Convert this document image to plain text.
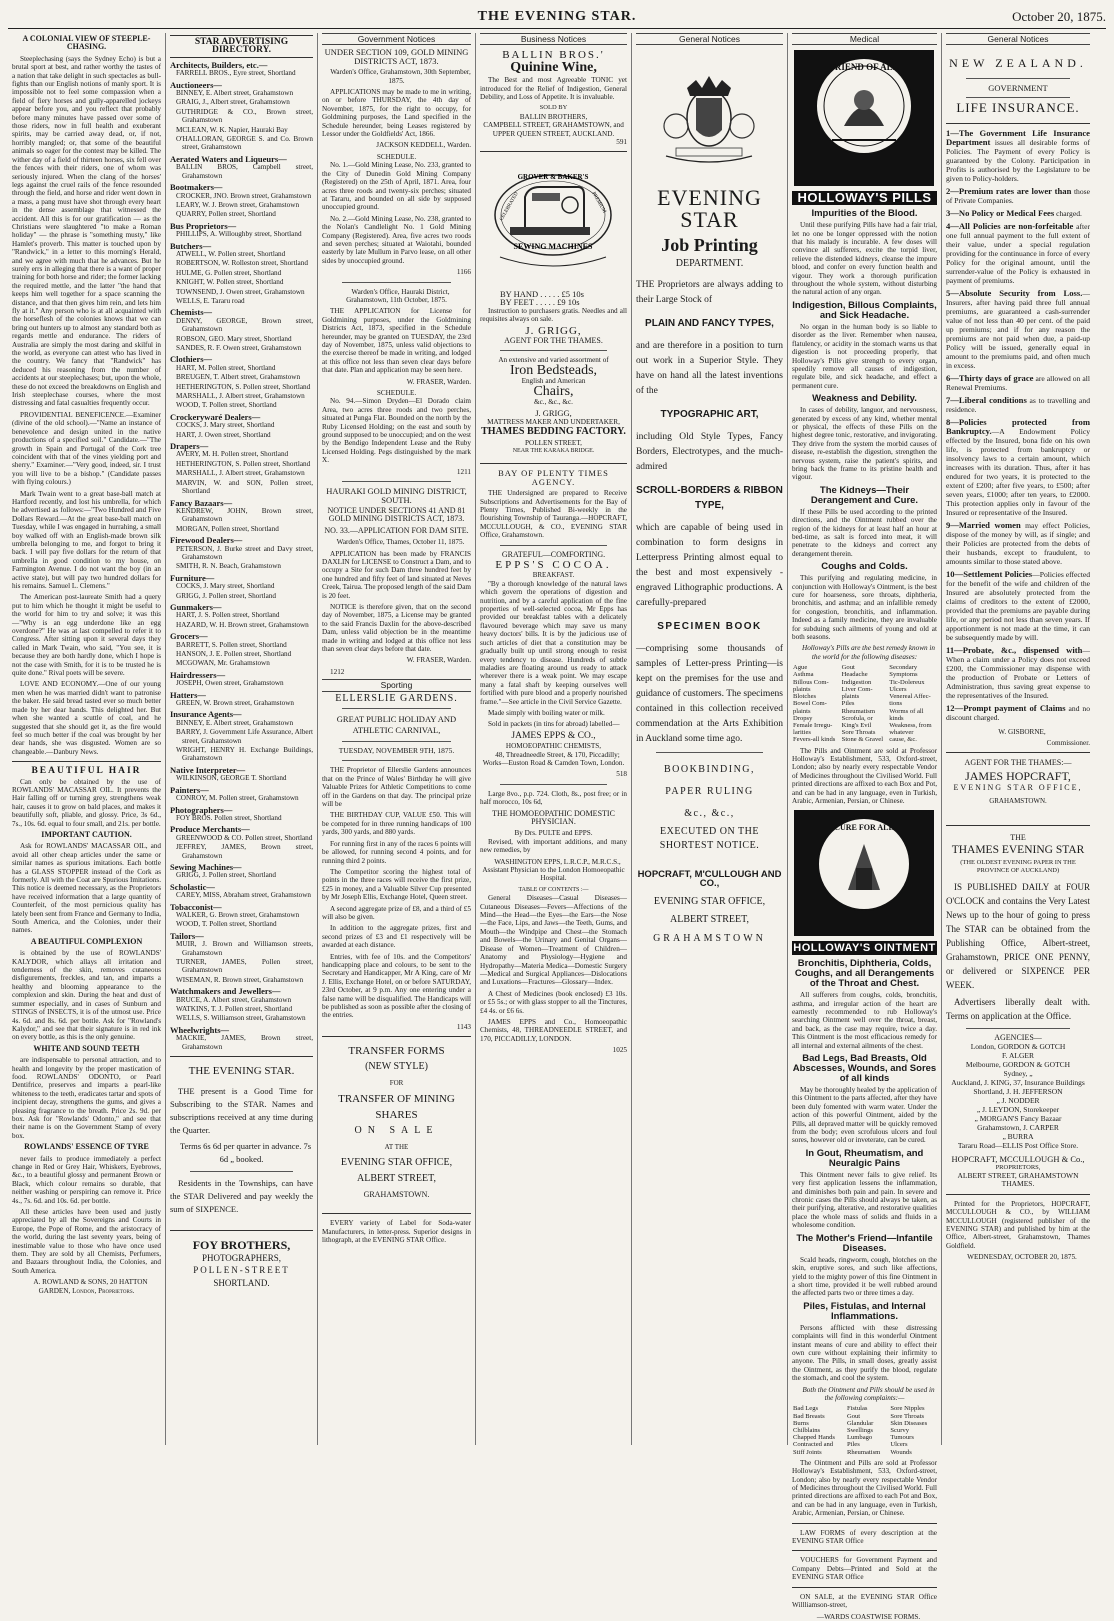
THE EVENING STAR.	October 20, 1875.
A COLONIAL VIEW OF STEEPLE-CHASING.

Steeplechasing (says the Sydney Echo) is but a brutal sport at best, and rather worthy the tastes of a nation that take delight in such spectacles as bull-fights than our English notions of manly sport. It is impossible not to feel some compassion when a field of fiery horses and gully-apparelled jockeys appear before you, and you reflect that probably before many minutes have passed over some of those riders, now in full health and exuberant spirits, may be carried away dead, or, if not, horribly mangled; or, that some of the beautiful animals so eager for the contest may be killed. The wither day of a field of thirteen horses, six fell over the fences with their riders, one of whom was seriously injured. When the clang of the horses' legs against the cruel rails of the fence resounded through the field, and horse and rider went down in a mass, a pang must have shot through every heart in the dense assemblage that witnessed the accident. All this is for our gratification — as the Christians were slaughtered "to make a Roman holiday" — the phrase is "something musty," like Hamlet's proverb. This matter is touched upon by "Randwick," in a letter to this morning's Herald, and we agree with much that he advances. But he surely errs in alleging that there is a want of proper training for both horse and rider; the former lacking the required mettle, and the latter "the hand that keeps him well together for a space scanning the distance, and that then gives him rein, and lets him fly at it." Any person who is at all acquainted with the horseflesh of the colonies knows that we can bring out hunters up to almost any standard both as regards mettle and endurance. The riders of Australia are simply the most daring and skilful in the world, as everyone can attest who has lived in the country. We fancy that "Randwick" has deduced his reasoning from the number of accidents at our steeplechases; but, upon the whole, these do not exceed the breakdowns on English and Irish steeplechase courses, where the most distressing and fatal casualties frequently occur.

PROVIDENTIAL BENEFICENCE.—Examiner (divine of the old school).—"Name an instance of benevolence and design united in the native productions of a specified soil." Candidate.—"The growth in Spain and Portugal of the Cork tree coincident with that of the vines yielding port and sherry." Examiner.—"Very good, indeed, sir. I trust you will live to be a bishop." (Candidate passes with flying colours.)

Mark Twain went to a great base-ball match at Hartford recently, and lost his umbrella, for which he advertised as follows:—"Two Hundred and Five Dollars Reward.—At the great base-ball match on Tuesday, while I was engaged in hurrahing, a small boy walked off with an English-made brown silk umbrella belonging to me, and forgot to bring it back. I will pay five dollars for the return of that umbrella in good condition to my house, on Farmington Avenue. I do not want the boy (in an active state), but will pay two hundred dollars for his remains. Samuel L. Clemens."

The American post-laureate Smith had a query put to him which he thought it might be useful to the world for him to try and solve; it was this—"Why is an egg underdone like an egg overdone?" He was at last compelled to refer it to Congress. After sitting upon it several days they called in Mark Twain, who said, "You see, it is because they are both hardly done, which I hope is not the case with Smith, for it is to be trusted he is quite done." Rival poets will be severe.

LOVE AND ECONOMY.—One of our young men when he was married didn't want to patronise the baker. He said bread tasted ever so much better made by her dear hands. This delighted her. But when she wanted a scuttle of coal, and he suggested that she should get it, as the fire would feel so much better if the coal was brought by her dear hands, she was disgusted. Women are so changeable.—Danbury News.

BEAUTIFUL HAIR

Can only be obtained by the use of ROWLANDS' MACASSAR OIL. It prevents the Hair falling off or turning grey, strengthens weak hair, causes it to grow on bald places, and makes it beautifully soft, pliable, and glossy. Price, 3s 6d., 7s., 10s. 6d. equal to four small, and 21s. per bottle.

IMPORTANT CAUTION.

Ask for ROWLANDS' MACASSAR OIL, and avoid all other cheap articles under the same or similar names as spurious imitations. Each bottle has a GLASS STOPPER instead of the Cork as formerly. All with the Coat are Spurious Imitations. This notice is deemed necessary, as the Proprietors have received information that a large quantity of Counterfeit, of the most pernicious quality has lately been sent from France and Germany to India, South America, and the Colonies, under their names.

A BEAUTIFUL COMPLEXION

is obtained by the use of ROWLANDS' KALYDOR, which allays all irritation and tenderness of the skin, removes cutaneous disfigurements, freckles, and tan, and imparts a healthy and blooming appearance to the complexion and skin. During the heat and dust of summer especially, and in cases of Sunburn and STINGS of INSECTS, it is of the utmost use. Price 4s. 6d. and 8s. 6d. per bottle. Ask for "Rowland's Kalydor," and see that their signature is in red ink on every bottle, as this is the only genuine.

WHITE AND SOUND TEETH

are indispensable to personal attraction, and to health and longevity by the proper mastication of food. ROWLANDS' ODONTO, or Pearl Dentifrice, preserves and imparts a pearl-like whiteness to the teeth, eradicates tartar and spots of incipient decay, strengthens the gums, and gives a pleasing fragrance to the breath. Price 2s. 9d. per box. Ask for "Rowlands' Odonto," and see that their name is on the Government Stamp of every box.

ROWLANDS' ESSENCE OF TYRE

never fails to produce immediately a perfect change in Red or Grey Hair, Whiskers, Eyebrows, &c., to a beautiful glossy and permanent Brown or Black, which colour remains so durable, that neither washing or perspiring can remove it. Price 4s., 7s. 6d. and 10s. 6d. per bottle.

All these articles have been used and justly appreciated by all the Sovereigns and Courts in Europe, the Pope of Rome, and the aristocracy of the world, during the last seventy years, being of inestimable value to those who have once used them. They are sold by all Chemists, Perfumers, and Bazaars throughout India, the Colonies, and South America.

A. ROWLAND & SONS, 20 HATTON GARDEN, London, Proprietors.

STAR ADVERTISING DIRECTORY.
Architects, Builders, etc.—
FARRELL BROS., Eyre street, Shortland
Auctioneers—
BINNEY, E. Albert street, Grahamstown
GRAIG, J., Albert street, Grahamstown
GUTHRIDGE & CO., Brown street, Grahamstown
MCLEAN, W. K. Napier, Hauraki Bay
O'HALLORAN, GEORGE S. and Co. Brown street, Grahamstown
Aerated Waters and Liqueurs—
BALLIN BROS, Campbell street, Grahamstown
Bootmakers—
CROCKER, JNO. Brown street, Grahamstown
LEARY, W. J. Brown street, Grahamstown
QUARRY, Pollen street, Shortland
Bus Proprietors—
PHILLIPS, A. Willoughby street, Shortland
Butchers—
ATWELL, W. Pollen street, Shortland
ROBERTSON, W. Rolleston street, Shortland
HULME, G. Pollen street, Shortland
KNIGHT, W. Pollen street, Shortland
TOWNSEND, J. Owen street, Grahamstown
WELLS, E. Tararu road
Chemists—
DENNY, GEORGE, Brown street, Grahamstown
ROBSON, GEO. Mary street, Shortland
SANDES, R. F. Owen street, Grahamstown
Clothiers—
HART, M. Pollen street, Shortland
BREUGEN, T. Albert street, Grahamstown
HETHERINGTON, S. Pollen street, Shortland
MARSHALL, J. Albert street, Grahamstown
WOOD, T. Pollen street, Shortland
Crockerywaré Dealers—
COCKS, J. Mary street, Shortland
HART, J. Owen street, Shortland
Drapers—
AVERY, M. H. Pollen street, Shortland
HETHERINGTON, S. Pollen street, Shortland
MARSHALL, J. Albert street, Grahamstown
MARVIN, W. and SON, Pollen street, Shortland
Fancy Bazaars—
KENDREW, JOHN, Brown street, Grahamstown
MORGAN, Pollen street, Shortland
Firewood Dealers—
PETERSON, J. Burke street and Davy street, Grahamstown
SMITH, R. N. Beach, Grahamstown
Furniture—
COCKS, J. Mary street, Shortland
GRIGG, J. Pollen street, Shortland
Gunmakers—
HART, J. S. Pollen street, Shortland
HAZARD, W. H. Brown street, Grahamstown
Grocers—
BARRETT, S. Pollen street, Shortland
HANSON, J. E. Pollen street, Shortland
MCGOWAN, Mr. Grahamstown
Hairdressers—
JOSEPH, Owen street, Grahamstown
Hatters—
GREEN, W. Brown street, Grahamstown
Insurance Agents—
BINNEY, E. Albert street, Grahamstown
BARRY, J. Government Life Assurance, Albert street, Grahamstown
WRIGHT, HENRY H. Exchange Buildings, Grahamstown
Native Interpreter—
WILKINSON, GEORGE T. Shortland
Painters—
CONROY, M. Pollen street, Grahamstown
Photographers—
FOY BROS. Pollen street, Shortland
Produce Merchants—
GREENWOOD & CO. Pollen street, Shortland
JEFFREY, JAMES, Brown street, Grahamstown
Sewing Machines—
GRIGG, J. Pollen street, Shortland
Scholastic—
CAREY, MISS, Abraham street, Grahamstown
Tobacconist—
WALKER, G. Brown street, Grahamstown
WOOD, T. Pollen street, Shortland
Tailors—
MUIR, J. Brown and Williamson streets, Grahamstown
TURNER, JAMES, Pollen street, Grahamstown
WISEMAN, R. Brown street, Grahamstown
Watchmakers and Jewellers—
BRUCE, A. Albert street, Grahamstown
WATKINS, T. J. Pollen street, Shortland
WELLS, S. Williamson street, Grahamstown
Wheelwrights—
MACKIE, JAMES, Brown street, Grahamstown
THE EVENING STAR.

THE present is a Good Time for Subscribing to the STAR. Names and subscriptions received at any time during the Quarter.

Terms 6s 6d per quarter in advance. 7s 6d „ booked.

Residents in the Townships, can have the STAR Delivered and pay weekly the sum of SIXPENCE.

FOY BROTHERS,
PHOTOGRAPHERS,
POLLEN-STREET
SHORTLAND.
Government Notices
UNDER SECTION 109, GOLD MINING DISTRICTS ACT, 1873.

Warden's Office, Grahamstown, 30th September, 1875.

APPLICATIONS may be made to me in writing, on or before THURSDAY, the 4th day of November, 1875, for the right to occupy, for Goldmining purposes, the Land specified in the Schedule hereunder, being Leases registered by Lessor under the Goldfields' Act, 1866.

JACKSON KEDDELL, Warden.

SCHEDULE.

No. 1.—Gold Mining Lease, No. 233, granted to the City of Dunedin Gold Mining Company (Registered) on the 25th of April, 1871. Area, four acres three roods and twenty-six perches; situated at Tararu, and bounded on all side by supposed unoccupied ground.

No. 2.—Gold Mining Lease, No. 238, granted to the Nolan's Candlelight No. 1 Gold Mining Company (Registered). Area, five acres two roods and seven perches; situated at Waiotahi, bounded easterly by late Mullum in Parvo lease, on all other sides by unoccupied ground.

1166

Warden's Office, Hauraki District, Grahamstown, 11th October, 1875.

THE APPLICATION for License for Goldmining purposes, under the Goldmining Districts Act, 1873, specified in the Schedule hereunder, may be granted on TUESDAY, the 23rd day of November, 1875, unless valid objections to the exercise thereof be made in writing, and lodged at this office not less than seven clear days before that date. Plan and application may be seen here.

W. FRASER, Warden.

SCHEDULE.

No. 94.—Simon Dryden—El Dorado claim Area, two acres three roods and two perches, situated at Punga Flat. Bounded on the north by the Ruby Licensed Holding; on the east and south by ground supposed to be unoccupied; and on the west by the Bendigo Independent Lease and the Ruby Licensed Holding. Pegs distinguished by the mark X.

1211

HAURAKI GOLD MINING DISTRICT, SOUTH.
NOTICE UNDER SECTIONS 41 AND 81 GOLD MINING DISTRICTS ACT, 1873.
NO. 33.—APPLICATION FOR DAM SITE.

Warden's Office, Thames, October 11, 1875.

APPLICATION has been made by FRANCIS DAXLIN for LICENSE to Construct a Dam, and to occupy a Site for such Dam three hundred feet by one hundred and fifty feet of land situated at Neves Creek, Tairua. The proposed length of the said Dam is 20 feet.

NOTICE is therefore given, that on the second day of November, 1875, a License may be granted to the said Francis Daxlin for the above-described Dam, unless valid objection be in the meantime made in writing and lodged at this office not less than seven clear days before that date.

W. FRASER, Warden.

1212

Sporting
ELLERSLIE GARDENS.
GREAT PUBLIC HOLIDAY AND ATHLETIC CARNIVAL,
TUESDAY, NOVEMBER 9TH, 1875.

THE Proprietor of Ellerslie Gardens announces that on the Prince of Wales' Birthday he will give Valuable Prizes for Athletic Competitions to come off in the Gardens on that day. The principal prize will be

THE BIRTHDAY CUP, VALUE £50. This will be competed for in three running handicaps of 100 yards, 300 yards, and 880 yards.

For running first in any of the races 6 points will be allowed, for running second 4 points, and for running third 2 points.

The Competitor scoring the highest total of points in the three races will receive the first prize, £25 in money, and a Valuable Silver Cup presented by Mr Joseph Ellis, Exchange Hotel, Queen street.

A second aggregate prize of £8, and a third of £5 will also be given.

In addition to the aggregate prizes, first and second prizes of £3 and £1 respectively will be awarded at each distance.

Entries, with fee of 10s. and the Competitors' handicapping place and colours, to be sent to the Secretary and Handicapper, Mr A King, care of Mr J. Ellis, Exchange Hotel, on or before SATURDAY, 23rd October, at 9 p.m. Any one entering under a false name will be disqualified. The Handicaps will be published as soon as possible after the closing of the entries.

1143

TRANSFER FORMS
(NEW STYLE)
FOR
TRANSFER OF MINING
SHARES
ON SALE
AT THE
EVENING STAR OFFICE,
ALBERT STREET,
GRAHAMSTOWN.

EVERY variety of Label for Soda-water Manufacturers, in letter-press. Superior designs in lithograph, at the EVENING STAR Office.

Business Notices
BALLIN BROS.'
Quinine Wine,

The Best and most Agreeable TONIC yet introduced for the Relief of Indigestion, General Debility, and Loss of Appetite. It is invaluable.

SOLD BY
BALLIN BROTHERS,
CAMPBELL STREET, GRAHAMSTOWN, and UPPER QUEEN STREET, AUCKLAND.

591

GROVER & BAKER'S
CELEBRATED	PREMIUM
SEWING MACHINES
BY HAND . . . . . £5 10s
BY FEET . . . . . £9 10s

Instruction to purchasers gratis. Needles and all requisites always on sale.

J. GRIGG,
AGENT FOR THE THAMES.
An extensive and varied assortment of
Iron Bedsteads,
English and American
Chairs,
&c., &c., &c.
J. GRIGG,
MATTRESS MAKER AND UNDERTAKER,
THAMES BEDDING FACTORY.
POLLEN STREET,
NEAR THE KARAKA BRIDGE.
BAY OF PLENTY TIMES AGENCY.

THE Undersigned are prepared to Receive Subscriptions and Advertisements for the Bay of Plenty Times, Published Bi-weekly in the flourishing Township of Tauranga.—HOPCRAFT, MCCULLOUGH, & CO., EVENING STAR Office, Grahamstown.

GRATEFUL—COMFORTING.
EPPS'S COCOA.
BREAKFAST.

"By a thorough knowledge of the natural laws which govern the operations of digestion and nutrition, and by a careful application of the fine properties of well-selected cocoa, Mr Epps has provided our breakfast tables with a delicately flavoured beverage which may save us many heavy doctors' bills. It is by the judicious use of such articles of diet that a constitution may be gradually built up until strong enough to resist every tendency to disease. Hundreds of subtle maladies are floating around us ready to attack wherever there is a weak point. We may escape many a fatal shaft by keeping ourselves well fortified with pure blood and a properly nourished frame."—See article in the Civil Service Gazette.

Made simply with boiling water or milk.

Sold in packets (in tins for abroad) labelled—

JAMES EPPS & CO.,
HOMOEOPATHIC CHEMISTS,

48, Threadneedle Street, & 170, Piccadilly; Works—Euston Road & Camden Town, London.

518

Large 8vo., p.p. 724. Cloth, 8s., post free; or in half morocco, 10s 6d,

THE HOMOEOPATHIC DOMESTIC PHYSICIAN.
By Drs. PULTE and EPPS.

Revised, with important additions, and many new remedies, by

WASHINGTON EPPS, L.R.C.P., M.R.C.S., Assistant Physician to the London Homoeopathic Hospital.

TABLE OF CONTENTS :—

General Diseases—Casual Diseases—Cutaneous Diseases—Fevers—Affections of the Mind—the Head—the Eyes—the Ears—the Nose—the Face, Lips, and Jaws—the Teeth, Gums, and Mouth—the Windpipe and Chest—the Stomach and Bowels—the Urinary and Genital Organs—Disease of Women—Treatment of Children—Anatomy and Physiology—Hygiene and Hydropathy—Materia Medica—Domestic Surgery—Medical and Surgical Appliances—Dislocations and Luxations—Fractures—Glossary—Index.

A Chest of Medicines (book enclosed) £3 10s. or £5 5s.; or with glass stopper to all the Tinctures, £4 4s. or £6 6s.

JAMES EPPS and Co., Homoeopathic Chemists, 48, THREADNEEDLE STREET, and 170, PICCADILLY, LONDON.

1025

General Notices
EVENING STAR
Job Printing
DEPARTMENT.
THE Proprietors are always adding to their Large Stock of
PLAIN AND FANCY TYPES,
and are therefore in a position to turn out work in a Superior Style. They have on hand all the latest inventions of the
TYPOGRAPHIC ART,
including Old Style Types, Fancy Borders, Electrotypes, and the much-admired
SCROLL-BORDERS & RIBBON TYPE,
which are capable of being used in combination to form designs in Letterpress Printing almost equal to the best and most expensively - engraved Lithographic productions. A carefully-prepared
SPECIMEN BOOK
—comprising some thousands of samples of Letter-press Printing—is kept on the premises for the use and guidance of customers. The specimens contained in this collection received commendation at the Arts Exhibition in Auckland some time ago.
BOOKBINDING,
PAPER RULING
&c., &c.,
EXECUTED ON THE SHORTEST NOTICE.
HOPCRAFT, M'CULLOUGH AND CO.,
EVENING STAR OFFICE,
ALBERT STREET,
GRAHAMSTOWN
Medical
FRIEND OF ALL
HOLLOWAY'S PILLS
Impurities of the Blood.

Until these purifying Pills have had a fair trial, let no one be longer oppressed with the notion that his malady is incurable. A few doses will convince all sufferers, excite the torpid liver, relieve the distended kidneys, cleanse the impure blood, and confer on every function health and vigour. They work a thorough purification throughout the whole system, without disturbing the natural action of any organ.

Indigestion, Billous Complaints, and Sick Headache.

No organ in the human body is so liable to disorder as the liver. Remember when nausea, flatulency, or acidity in the stomach warns us that digestion is not proceeding properly, that Holloway's Pills give strength to every organ, speedily remove all causes of indigestion, regulate bile, and sick headache, and effect a permanent cure.

Weakness and Debility.

In cases of debility, languor, and nervousness, generated by excess of any kind, whether mental or physical, the effects of these Pills on the highest degree tonic, restorative, and invigorating. They drive from the system the morbid causes of disease, re-establish the digestion, strengthen the nervous system, raise the patient's spirits, and bring back the frame to its pristine health and vigour.

The Kidneys—Their Derangement and Cure.

If these Pills be used according to the printed directions, and the Ointment rubbed over the region of the kidneys for at least half an hour at bed-time, as salt is forced into meat, it will penetrate to the kidneys and correct any derangement therein.

Coughs and Colds.

This purifying and regulating medicine, in conjunction with Holloway's Ointment, is the best cure for hoarseness, sore throats, diphtheria, bronchitis, and asthma; and an infallible remedy for congestion, bronchitis, and inflammation. Indeed as a family medicine, they are invaluable for subduing such ailments of young and old at both seasons.

Holloway's Pills are the best remedy known in the world for the following diseases:

Ague	Gout	Secondary
Asthma	Headache	Symptoms
Billous Com-	Indigestion	Tic-Dolereux
plaints	Liver Com-	Ulcers
Blotches	plaints	Venereal Affec-
Bowel Com-	Piles	tions
plaints	Rheumatism	Worms of all
Dropsy	Scrofula, or	kinds
Female Irregu-	King's Evil	Weakness, from
larities	Sore Throats	whatever
Fevers-all kinds	Stone & Gravel	cause, &c.

The Pills and Ointment are sold at Professor Holloway's Establishment, 533, Oxford-street, London; also by nearly every respectable Vendor of Medicines throughout the Civilised World. Full printed directions are affixed to each Box and Pot, and can be had in any language, even in Turkish, Arabic, Armenian, Persian, or Chinese.

CURE FOR ALL
HOLLOWAY'S OINTMENT
Bronchitis, Diphtheria, Colds, Coughs, and all Derangements of the Throat and Chest.

All sufferers from coughs, colds, bronchitis, asthma, and irregular action of the heart are earnestly recommended to rub Holloway's searching Ointment well over the throat, breast, and back, as the case may require, twice a day. This Ointment is the most efficacious remedy for all internal and external ailments of the chest.

Bad Legs, Bad Breasts, Old Abscesses, Wounds, and Sores of all kinds

May be thoroughly healed by the application of this Ointment to the parts affected, after they have been duly fomented with warm water. Under the action of this powerful Ointment, aided by the Pills, all depraved matter will be quickly removed from the body; even scrofulous ulcers and foul sores, however old or inveterate, can be cured.

In Gout, Rheumatism, and Neuralgic Pains

This Ointment never fails to give relief. Its very first application lessens the inflammation, and diminishes both pain and pain. In severe and chronic cases the Pills should always be taken, as their purifying, alterative, and restorative qualities place the whole mass of solids and fluids in a wholesome condition.

The Mother's Friend—Infantile Diseases.

Scald heads, ringworm, cough, blotches on the skin, eruptive sores, and such like affections, yield to the mighty power of this fine Ointment in a short time, provided it be well rubbed around the affected parts two or three times a day.

Piles, Fistulas, and Internal Inflammations.

Persons afflicted with these distressing complaints will find in this wonderful Ointment instant means of cure and ability to effect their own cure without explaining their infirmity to anyone. The Pills, in small doses, greatly assist the Ointment, as they purify the blood, regulate the stomach, and cool the system.

Both the Ointment and Pills should be used in the following complaints:—

Bad Legs	Fistulas	Sore Nipples
Bad Breasts	Gout	Sore Throats
Burns	Glandular	Skin Diseases
Chilblains	Swellings	Scurvy
Chapped Hands	Lumbago	Tumours
Contracted and	Piles	Ulcers
Stiff Joints	Rheumatism	Wounds

The Ointment and Pills are sold at Professor Holloway's Establishment, 533, Oxford-street, London; also by nearly every respectable Vendor of Medicines throughout the Civilised World. Full printed directions are affixed to each Pot and Box, and can be had in any language, even in Turkish, Arabic, Armenian, Persian, or Chinese.

LAW FORMS of every description at the EVENING STAR Office

VOUCHERS for Government Payment and Company Debts—Printed and Sold at the EVENING STAR Office

ON SALE, at the EVENING STAR Office Willliamson-street,

—WARDS COASTWISE FORMS.

General Notices
NEW ZEALAND.
GOVERNMENT
LIFE INSURANCE.
1—The Government Life Insurance Department issues all desirable forms of Policies. The Payment of every Policy is guaranteed by the Colony. Participation in Profits is authorised by the Legislature to be given to Policy-holders.
2—Premium rates are lower than those of Private Companies.
3—No Policy or Medical Fees charged.
4—All Policies are non-forfeitable after one full annual payment to the full extent of their value, under a special regulation providing for the continuance in force of every Policy for the original amount, until the surrender-value of the Policy is exhausted in payment of premiums.
5—Absolute Security from Loss.—Insurers, after having paid three full annual premiums, are guaranteed a cash-surrender value of not less than 40 per cent. of the paid up premiums; and if for any reason the premiums are not paid when due, a paid-up Policy will be issued, generally equal in amount to the premiums paid, and often much in excess.
6—Thirty days of grace are allowed on all Renewal Premiums.
7—Liberal conditions as to travelling and residence.
8—Policies protected from Bankruptcy.—A Endowment Policy effected by the Insured, bona fide on his own life, is protected from bankruptcy or insolvency laws to a certain amount, which increases with its duration. Thus, after it has endured for two years, it is protected to the extent of £200; after five years, to £500; after seven years, £1000; after ten years, to £2000. This protection applies only in favour of the Insured or representative of the Insured.
9—Married women may effect Policies, dispose of the money by will, as if single; and their Policies are protected from the debts of their husbands, except to fraudulent, to amounts similar to those stated above.
10—Settlement Policies—Policies effected for the benefit of the wife and children of the Insured are absolutely protected from the claims of creditors to the extent of £2000, provided that the premiums are payable during life, or any period not less than seven years. If apportionment is not made at the time, it can be subsequently made by will.
11—Probate, &c., dispensed with—When a claim under a Policy does not exceed £200, the Commissioner may dispense with the production of Probate or Letters of Administration, thus saving great expense to the representatives of the Insured.
12—Prompt payment of Claims and no discount charged.

W. GISBORNE,

Commissioner.

AGENT FOR THE THAMES:—
JAMES HOPCRAFT,
EVENING STAR OFFICE,
GRAHAMSTOWN.
THE
THAMES EVENING STAR
(THE OLDEST EVENING PAPER IN THE PROVINCE OF AUCKLAND)

IS PUBLISHED DAILY at FOUR O'CLOCK and contains the Very Latest News up to the hour of going to press The STAR can be obtained from the Publishing Office, Albert-street, Grahamstown, PRICE ONE PENNY, or delivered or SIXPENCE PER WEEK.

Advertisers liberally dealt with. Terms on application at the Office.

AGENCIES—
London, GORDON & GOTCH
F. ALGER
Melbourne, GORDON & GOTCH
Sydney, „
Auckland, J. KING, 37, Insurance Buildings
Shortland, J. H. JEFFERSON
„ J. NODDER
„ J. LEYDON, Storekeeper
„ MORGAN'S Fancy Bazaar
Grahamstown, J. CARPER
„ BURRA
Tararu Road—ELLIS Post Office Store.
HOPCRAFT, MCCULLOUGH & Co.,
PROPRIETORS,
ALBERT STREET, GRAHAMSTOWN THAMES.

Printed for the Proprietors, HOPCRAFT, MCCULLOUGH & CO., by WILLIAM MCCULLOUGH (registered publisher of the EVENING STAR) and published by him at the Office, Albert-street, Grahamstown, Thames Goldfield.

WEDNESDAY, OCTOBER 20, 1875.
